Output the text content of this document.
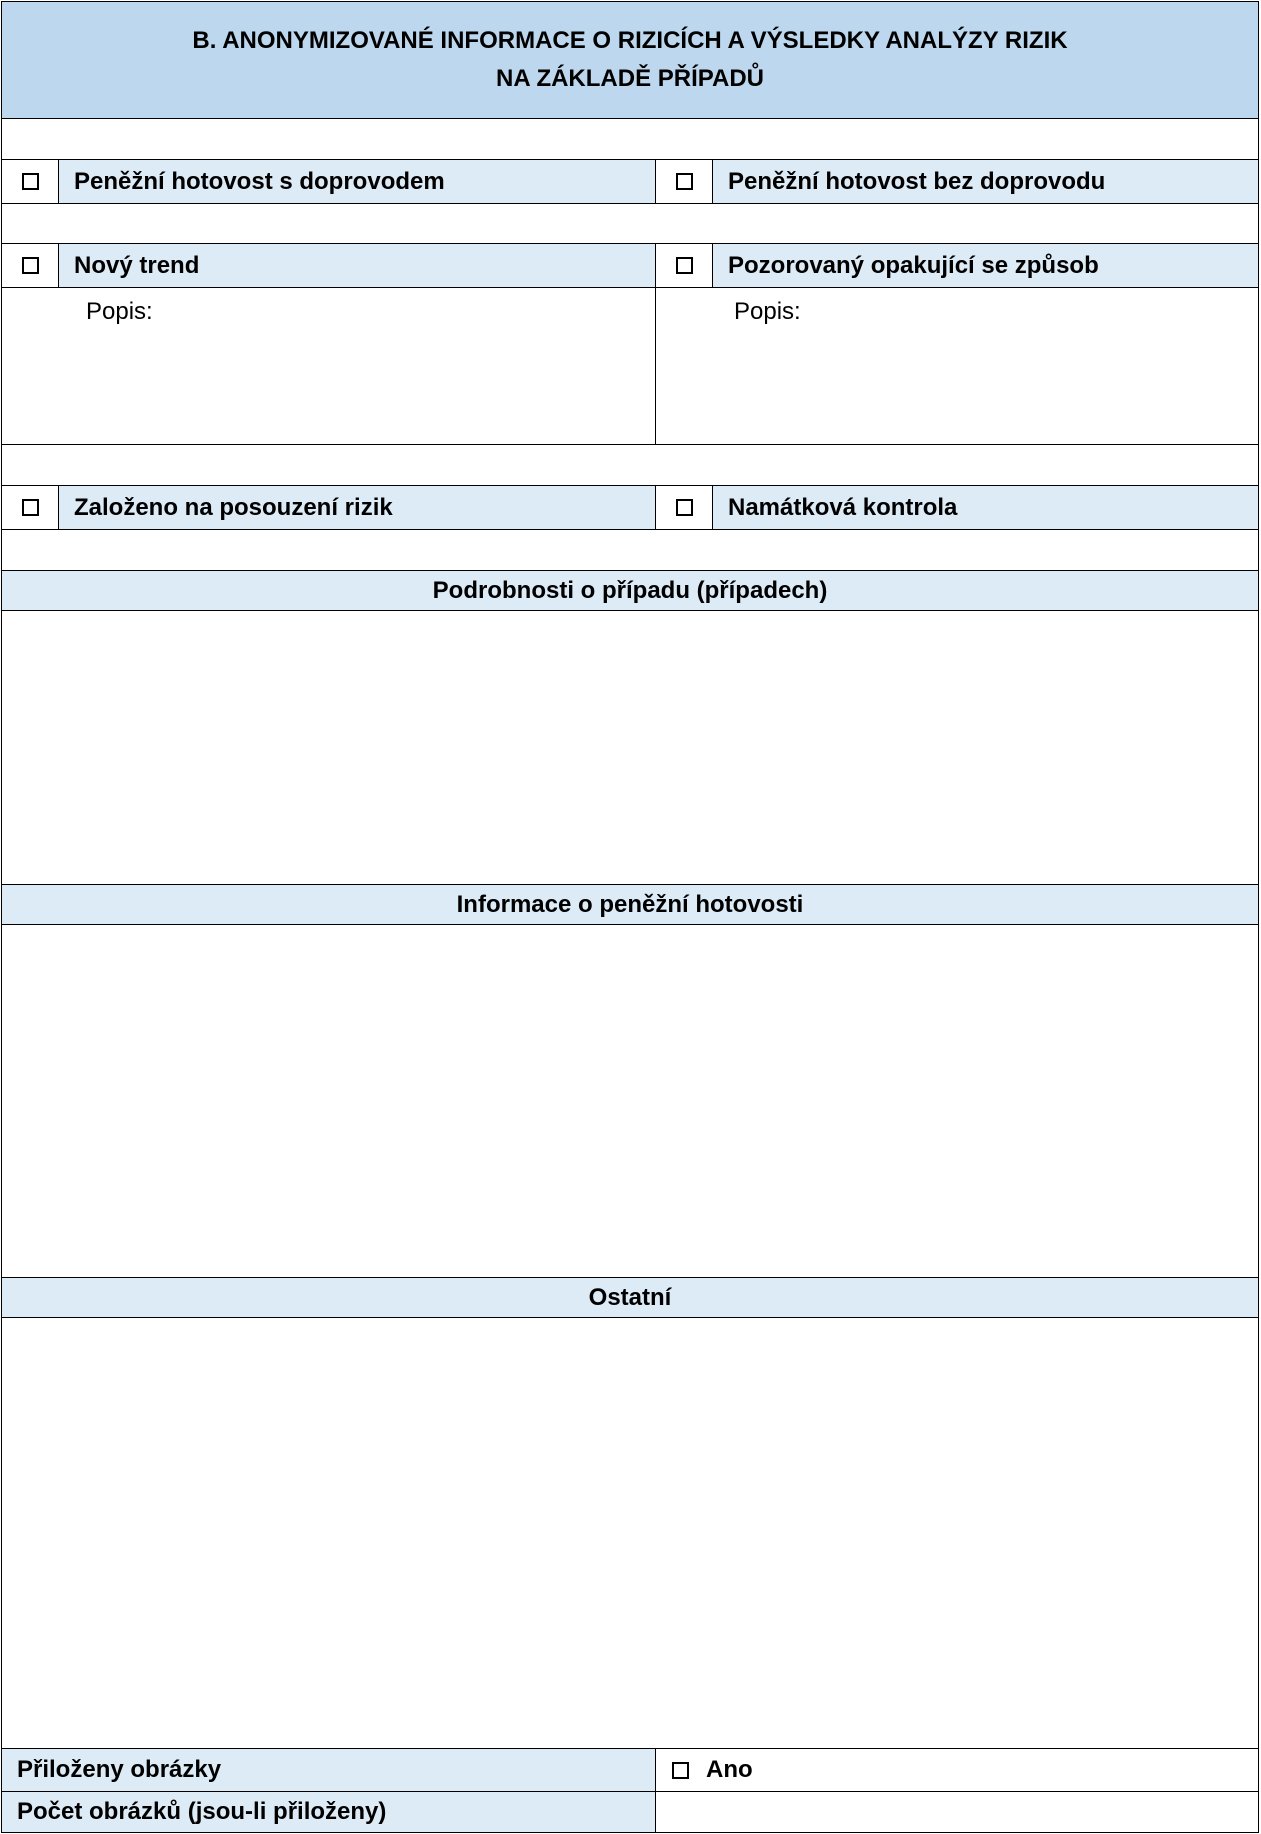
B. ANONYMIZOVANÉ INFORMACE O RIZICÍCH A VÝSLEDKY ANALÝZY RIZIK
NA ZÁKLADĚ PŘÍPADŮ
Peněžní hotovost s doprovodem	Peněžní hotovost bez doprovodu
Nový trend	Pozorovaný opakující se způsob
Popis:	Popis:
Založeno na posouzení rizik	Namátková kontrola
Podrobnosti o případu (případech)
Informace o peněžní hotovosti
Ostatní
Přiloženy obrázky	Ano
Počet obrázků (jsou-li přiloženy)
